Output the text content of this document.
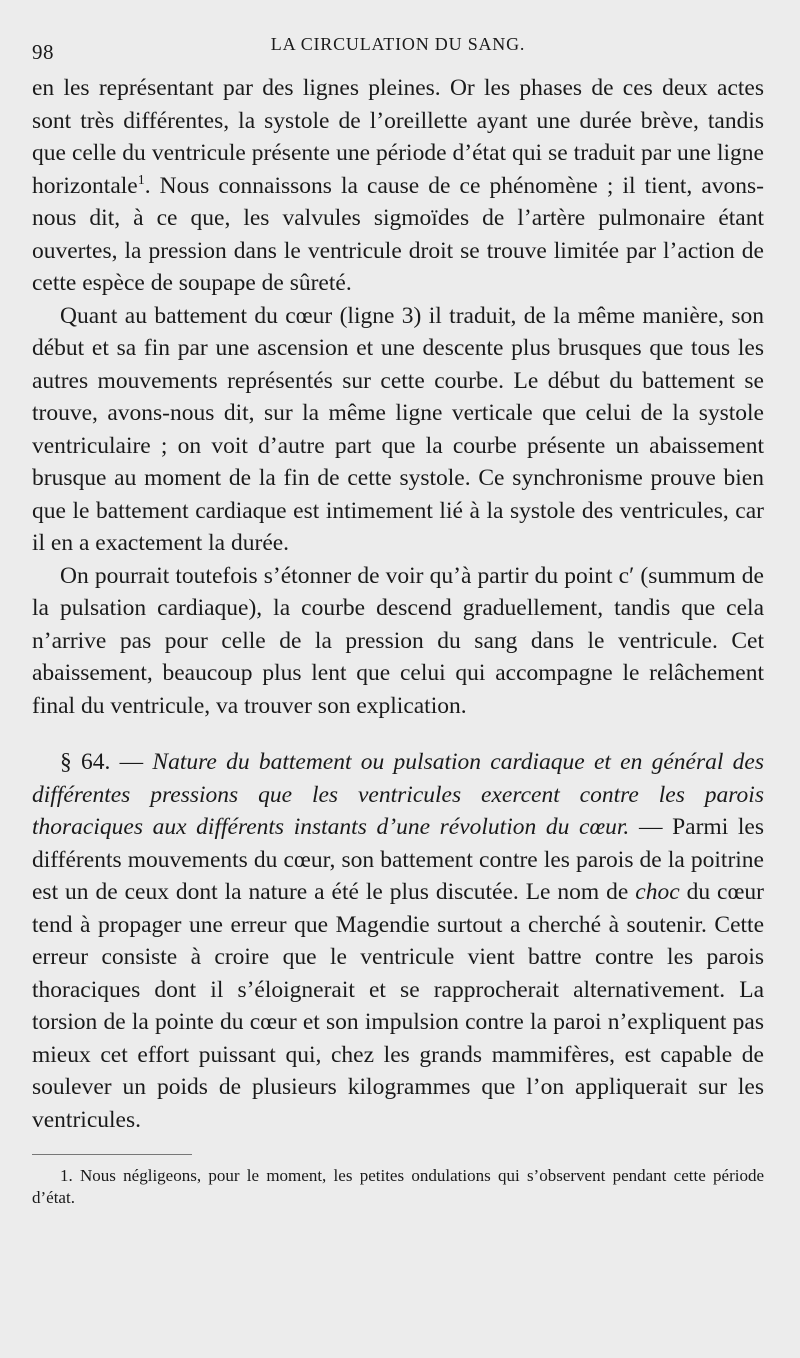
98	LA CIRCULATION DU SANG.

en les représentant par des lignes pleines. Or les phases de ces deux actes sont très différentes, la systole de l’oreillette ayant une durée brève, tandis que celle du ventricule présente une période d’état qui se traduit par une ligne horizontale$^1$. Nous connaissons la cause de ce phénomène ; il tient, avons-nous dit, à ce que, les valvules sigmoïdes de l’artère pulmonaire étant ouvertes, la pression dans le ventricule droit se trouve limitée par l’action de cette espèce de soupape de sûreté.

Quant au battement du cœur (ligne 3) il traduit, de la même manière, son début et sa fin par une ascension et une descente plus brusques que tous les autres mouvements représentés sur cette courbe. Le début du battement se trouve, avons-nous dit, sur la même ligne verticale que celui de la systole ventriculaire ; on voit d’autre part que la courbe présente un abaissement brusque au moment de la fin de cette systole. Ce synchronisme prouve bien que le battement cardiaque est intimement lié à la systole des ventricules, car il en a exactement la durée.

On pourrait toutefois s’étonner de voir qu’à partir du point c′ (summum de la pulsation cardiaque), la courbe descend graduellement, tandis que cela n’arrive pas pour celle de la pression du sang dans le ventricule. Cet abaissement, beaucoup plus lent que celui qui accompagne le relâchement final du ventricule, va trouver son explication.

§ 64. — Nature du battement ou pulsation cardiaque et en général des différentes pressions que les ventricules exercent contre les parois thoraciques aux différents instants d’une révolution du cœur. — Parmi les différents mouvements du cœur, son battement contre les parois de la poitrine est un de ceux dont la nature a été le plus discutée. Le nom de choc du cœur tend à propager une erreur que Magendie surtout a cherché à soutenir. Cette erreur consiste à croire que le ventricule vient battre contre les parois thoraciques dont il s’éloignerait et se rapprocherait alternativement. La torsion de la pointe du cœur et son impulsion contre la paroi n’expliquent pas mieux cet effort puissant qui, chez les grands mammifères, est capable de soulever un poids de plusieurs kilogrammes que l’on appliquerait sur les ventricules.

1. Nous négligeons, pour le moment, les petites ondulations qui s’observent pendant cette période d’état.
